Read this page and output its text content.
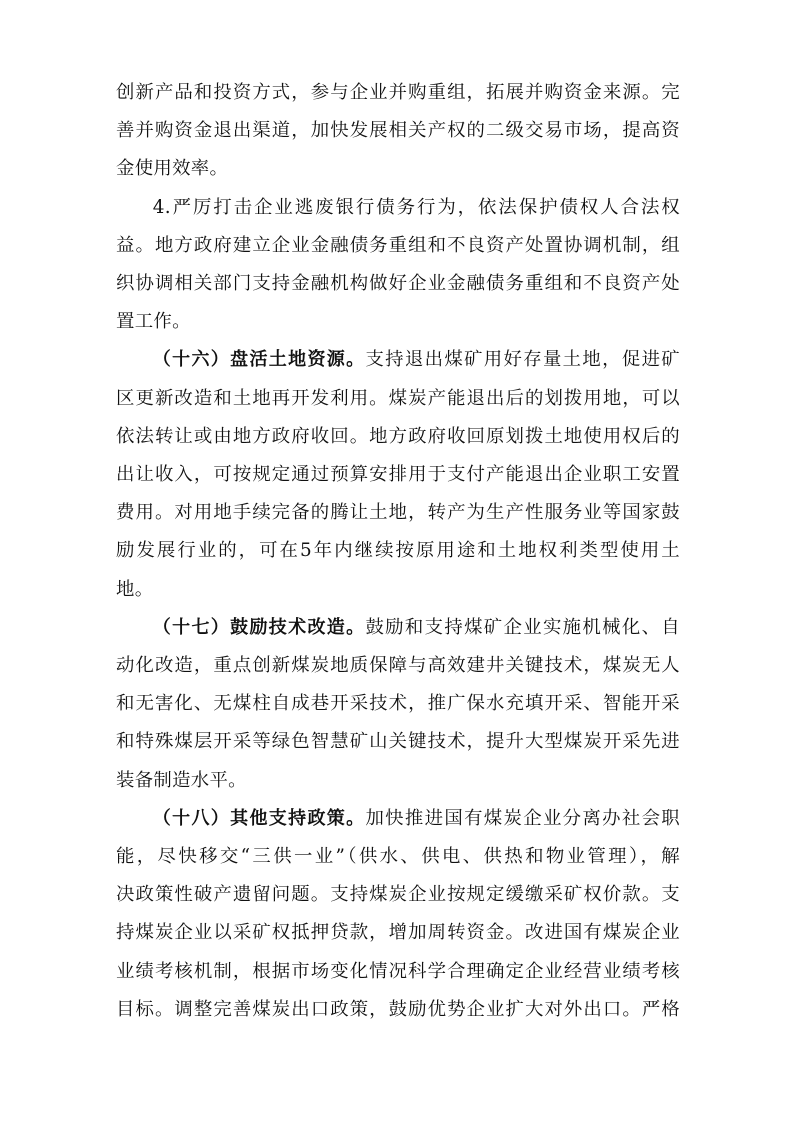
创新产品和投资方式，参与企业并购重组，拓展并购资金来源。完
善并购资金退出渠道，加快发展相关产权的二级交易市场，提高资
金使用效率。
4.严厉打击企业逃废银行债务行为，依法保护债权人合法权
益。地方政府建立企业金融债务重组和不良资产处置协调机制，组
织协调相关部门支持金融机构做好企业金融债务重组和不良资产处
置工作。
（十六）盘活土地资源。支持退出煤矿用好存量土地，促进矿
区更新改造和土地再开发利用。煤炭产能退出后的划拨用地，可以
依法转让或由地方政府收回。地方政府收回原划拨土地使用权后的
出让收入，可按规定通过预算安排用于支付产能退出企业职工安置
费用。对用地手续完备的腾让土地，转产为生产性服务业等国家鼓
励发展行业的，可在5年内继续按原用途和土地权利类型使用土
地。
（十七）鼓励技术改造。鼓励和支持煤矿企业实施机械化、自
动化改造，重点创新煤炭地质保障与高效建井关键技术，煤炭无人
和无害化、无煤柱自成巷开采技术，推广保水充填开采、智能开采
和特殊煤层开采等绿色智慧矿山关键技术，提升大型煤炭开采先进
装备制造水平。
（十八）其他支持政策。加快推进国有煤炭企业分离办社会职
能，尽快移交“三供一业”（供水、供电、供热和物业管理），解
决政策性破产遗留问题。支持煤炭企业按规定缓缴采矿权价款。支
持煤炭企业以采矿权抵押贷款，增加周转资金。改进国有煤炭企业
业绩考核机制，根据市场变化情况科学合理确定企业经营业绩考核
目标。调整完善煤炭出口政策，鼓励优势企业扩大对外出口。严格
